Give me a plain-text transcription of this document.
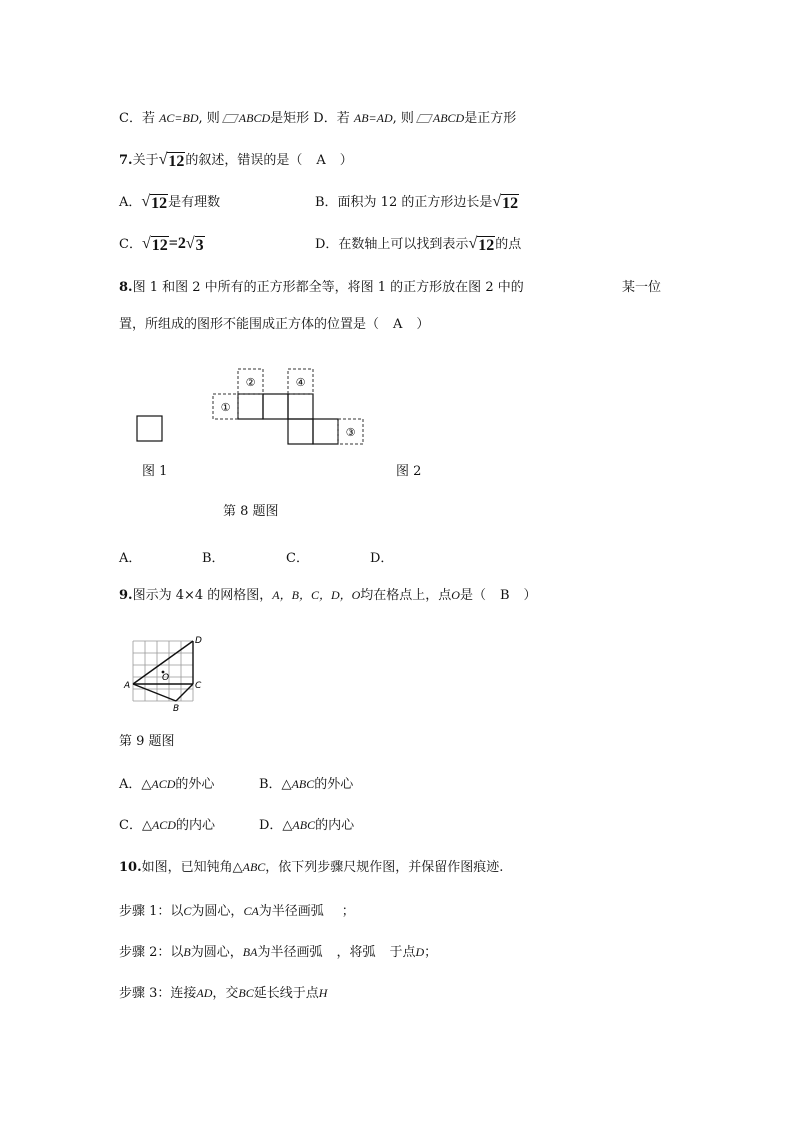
C．若 AC=BD, 则 ABCD是矩形 D．若 AB=AD, 则 ABCD是正方形
7.关于 √ 12 的叙述，错误的是（ A ）
A． √ 12 是有理数	B．面积为 12 的正方形边长是 √ 12
C． √ 12 =2 √ 3	D．在数轴上可以找到表示 √ 12 的点
8.图 1 和图 2 中所有的正方形都全等，将图 1 的正方形放在图 2 中的	某一位
置，所组成的图形不能围成正方体的位置是（ A ）
①
②
③
④
图 1	图 2
第 8 题图
A．	B．	C．	D．
9.图示为 4×4 的网格图，A，B，C，D，O均在格点上，点O是（ B ）
A
D
C
B
O
第 9 题图
A．△ACD的外心	B．△ABC的外心
C．△ACD的内心	D．△ABC的内心
10.如图，已知钝角△ABC，依下列步骤尺规作图，并保留作图痕迹.
步骤 1：以C为圆心，CA为半径画弧 ；
步骤 2：以B为圆心，BA为半径画弧 ，将弧 于点D；
步骤 3：连接AD，交BC延长线于点H
